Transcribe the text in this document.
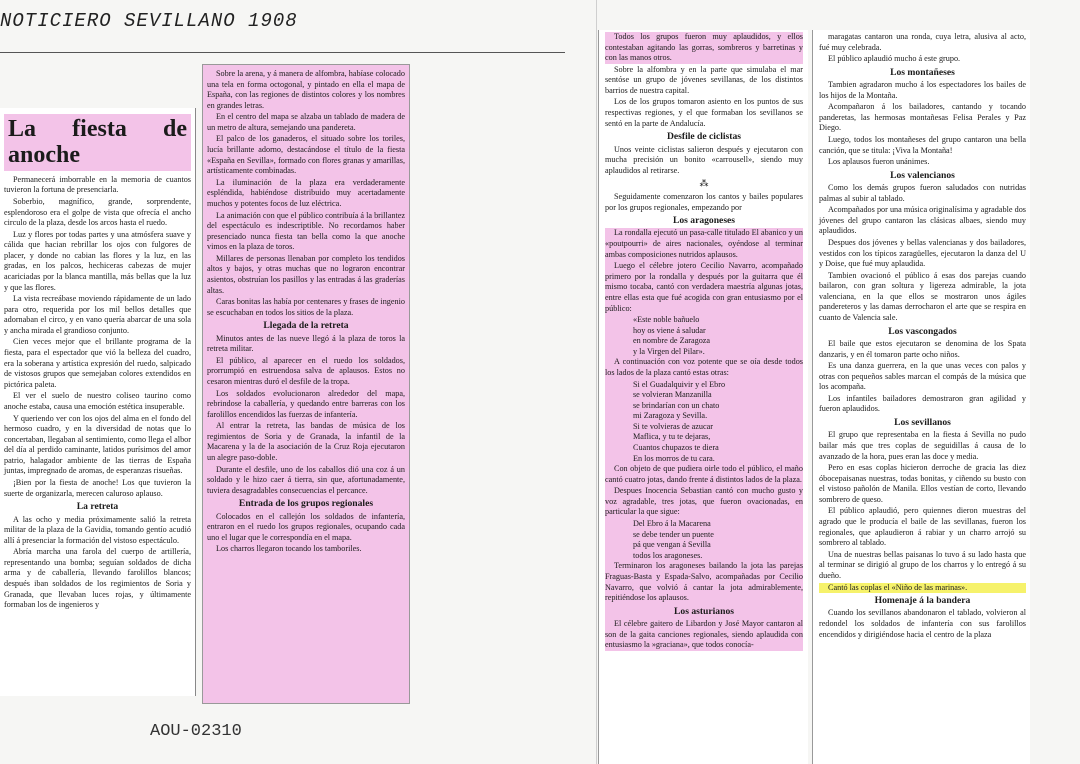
NOTICIERO SEVILLANO 1908
La fiesta de anoche

Permanecerá imborrable en la memoria de cuantos tuvieron la fortuna de presenciarla.

Soberbio, magnífico, grande, sorprendente, esplendoroso era el golpe de vista que ofrecía el ancho circulo de la plaza, desde los arcos hasta el ruedo.

Luz y flores por todas partes y una atmósfera suave y cálida que hacian rebrillar los ojos con fulgores de placer, y donde no cabian las flores y la luz, en las gradas, en los palcos, hechiceras cabezas de mujer acariciadas por la blanca mantilla, más bellas que la luz y que las flores.

La vista recreábase moviendo rápidamente de un lado para otro, requerida por los mil bellos detalles que adornaban el circo, y en vano quería abarcar de una sola y ancha mirada el grandioso conjunto.

Cien veces mejor que el brillante programa de la fiesta, para el espectador que vió la belleza del cuadro, era la soberana y artística expresión del ruedo, salpicado de vistosos grupos que semejaban colores extendidos en pictórica paleta.

El ver el suelo de nuestro coliseo taurino como anoche estaba, causa una emoción estética insuperable.

Y queriendo ver con los ojos del alma en el fondo del hermoso cuadro, y en la diversidad de notas que lo concertaban, llegaban al sentimiento, como llega el albor del día al perdido caminante, latidos purísimos del amor patrio, halagador ambiente de las tierras de España juntas, impregnado de aromas, de esperanzas risueñas.

¡Bien por la fiesta de anoche! Los que tuvieron la suerte de organizarla, merecen caluroso aplauso.

La retreta

A las ocho y media próximamente salió la retreta militar de la plaza de la Gavidia, tomando gentío acudió allí á presenciar la formación del vistoso espectáculo.

Abría marcha una farola del cuerpo de artillería, representando una bomba; seguían soldados de dicha arma y de caballería, llevando farolillos blancos; después iban soldados de los regimientos de Soria y Granada, que llevaban luces rojas, y últimamente formaban los de ingenieros y

Sobre la arena, y á manera de alfombra, habíase colocado una tela en forma octogonal, y pintado en ella el mapa de España, con las regiones de distintos colores y los nombres en grandes letras.

En el centro del mapa se alzaba un tablado de madera de un metro de altura, semejando una pandereta.

El palco de los ganaderos, el situado sobre los toriles, lucía brillante adorno, destacándose el título de la fiesta «España en Sevilla», formado con flores granas y amarillas, artísticamente combinadas.

La iluminación de la plaza era verdaderamente espléndida, habiéndose distribuido muy acertadamente muchos y potentes focos de luz eléctrica.

La animación con que el público contribuía á la brillantez del espectáculo es indescriptible. No recordamos haber presenciado nunca fiesta tan bella como la que anoche vimos en la plaza de toros.

Millares de personas llenaban por completo los tendidos altos y bajos, y otras muchas que no lograron encontrar asientos, obstruían los pasillos y las entradas á las graderías altas.

Caras bonitas las había por centenares y frases de ingenio se escuchaban en todos los sitios de la plaza.

Llegada de la retreta

Minutos antes de las nueve llegó á la plaza de toros la retreta militar.

El público, al aparecer en el ruedo los soldados, prorrumpió en estruendosa salva de aplausos. Estos no cesaron mientras duró el desfile de la tropa.

Los soldados evolucionaron alrededor del mapa, rebrindose la caballería, y quedando entre barreras con los farolillos encendidos las fuerzas de infantería.

Al entrar la retreta, las bandas de música de los regimientos de Soria y de Granada, la infantil de la Macarena y la de la asociación de la Cruz Roja ejecutaron un alegre paso-doble.

Durante el desfile, uno de los caballos dió una coz á un soldado y le hizo caer á tierra, sin que, afortunadamente, tuviera desagradables consecuencias el percance.

Entrada de los grupos regionales

Colocados en el callejón los soldados de infantería, entraron en el ruedo los grupos regionales, ocupando cada uno el lugar que le correspondía en el mapa.

Los charros llegaron tocando los tamboriles.

Todos los grupos fueron muy aplaudidos, y ellos contestaban agitando las gorras, sombreros y barretinas y con las manos otros.

Sobre la alfombra y en la parte que simulaba el mar sentóse un grupo de jóvenes sevillanas, de los distintos barrios de nuestra capital.

Los de los grupos tomaron asiento en los puntos de sus respectivas regiones, y el que formaban los sevillanos se sentó en la parte de Andalucía.

Desfile de ciclistas

Unos veinte ciclistas salieron después y ejecutaron con mucha precisión un bonito «carrousell», siendo muy aplaudidos al retirarse.

⁂

Seguidamente comenzaron los cantos y bailes populares por los grupos regionales, empezando por

Los aragoneses

La rondalla ejecutó un pasa-calle titulado El abanico y un «poutpourri» de aires nacionales, oyéndose al terminar ambas composiciones nutridos aplausos.

Luego el célebre jotero Cecilio Navarro, acompañado primero por la rondalla y después por la guitarra que él mismo tocaba, cantó con verdadera maestría algunas jotas, entre ellas esta que fué acogida con gran entusiasmo por el público:

«Este noble bañuelo

hoy os viene á saludar

en nombre de Zaragoza

y la Virgen del Pilar».

A continuación con voz potente que se oía desde todos los lados de la plaza cantó estas otras:

Si el Guadalquivir y el Ebro

se volvieran Manzanilla

se brindarían con un chato

mi Zaragoza y Sevilla.

Si te volvieras de azucar

Maflica, y tu te dejaras,

Cuantos chupazos te diera

En los morros de tu cara.

Con objeto de que pudiera oirle todo el público, el maño cantó cuatro jotas, dando frente á distintos lados de la plaza.

Despues Inocencia Sebastian cantó con mucho gusto y voz agradable, tres jotas, que fueron ovacionadas, en particular la que sigue:

Del Ebro á la Macarena

se debe tender un puente

pá que vengan á Sevilla

todos los aragoneses.

Terminaron los aragoneses bailando la jota las parejas Fraguas-Basta y Espada-Salvo, acompañadas por Cecilio Navarro, que volvió á cantar la jota admirablemente, repitiéndose los aplausos.

Los asturianos

El célebre gaitero de Libardon y José Mayor cantaron al son de la gaita canciones regionales, siendo aplaudida con entusiasmo la »graciana», que todos conocía-

maragatas cantaron una ronda, cuya letra, alusiva al acto, fué muy celebrada.

El público aplaudió mucho á este grupo.

Los montañeses

Tambien agradaron mucho á los espectadores los bailes de los hijos de la Montaña.

Acompañaron á los bailadores, cantando y tocando panderetas, las hermosas montañesas Felisa Perales y Paz Diego.

Luego, todos los montañeses del grupo cantaron una bella canción, que se titula: ¡Viva la Montaña!

Los aplausos fueron unánimes.

Los valencianos

Como los demás grupos fueron saludados con nutridas palmas al subir al tablado.

Acompañados por una música originalísima y agradable dos jóvenes del grupo cantaron las clásicas albaes, siendo muy aplaudidos.

Despues dos jóvenes y bellas valencianas y dos bailadores, vestidos con los típicos zaragüelles, ejecutaron la danza del U y Doise, que fué muy aplaudida.

Tambien ovacionó el público á esas dos parejas cuando bailaron, con gran soltura y ligereza admirable, la jota valenciana, en la que ellos se mostraron unos ágiles pandereteros y las damas derrocharon el arte que se respira en cuanto de Valencia sale.

Los vascongados

El baile que estos ejecutaron se denomina de los Spata danzaris, y en él tomaron parte ocho niños.

Es una danza guerrera, en la que unas veces con palos y otras con pequeños sables marcan el compás de la música que los acompaña.

Los infantiles bailadores demostraron gran agilidad y fueron aplaudidos.

Los sevillanos

El grupo que representaba en la fiesta á Sevilla no pudo bailar más que tres coplas de seguidillas á causa de lo avanzado de la hora, pues eran las doce y media.

Pero en esas coplas hicieron derroche de gracia las diez óbocepaisanas nuestras, todas bonitas, y ciñendo su busto con el vistoso pañolón de Manila. Ellos vestían de corto, llevando sombrero de queso.

El público aplaudió, pero quiennes dieron muestras del agrado que le producía el baile de las sevillanas, fueron los regionales, que aplaudieron á rabiar y un charro arrojó su sombrero al tablado.

Una de nuestras bellas paisanas lo tuvo á su lado hasta que al terminar se dirigió al grupo de los charros y lo entregó á su dueño.

Cantó las coplas el «Niño de las marinas».

Homenaje á la bandera

Cuando los sevillanos abandonaron el tablado, volvieron al redondel los soldados de infantería con sus farolillos encendidos y dirigiéndose hacia el centro de la plaza

AOU-02310
